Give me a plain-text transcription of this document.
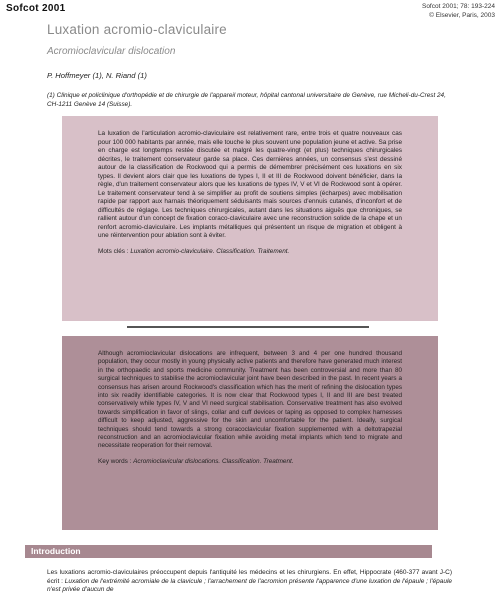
Sofcot 2001	Sofcot 2001; 78: 193-224
© Elsevier, Paris, 2003
Luxation acromio-claviculaire
Acromioclavicular dislocation
P. Hoffmeyer (1), N. Riand (1)
(1) Clinique et policlinique d'orthopédie et de chirurgie de l'appareil moteur, hôpital cantonal universitaire de Genève, rue Micheli-du-Crest 24, CH-1211 Genève 14 (Suisse).
La luxation de l'articulation acromio-claviculaire est relativement rare, entre trois et quatre nouveaux cas pour 100 000 habitants par année, mais elle touche le plus souvent une population jeune et active. Sa prise en charge est longtemps restée discutée et malgré les quatre-vingt (et plus) techniques chirurgicales décrites, le traitement conservateur garde sa place. Ces dernières années, un consensus s'est dessiné autour de la classification de Rockwood qui a permis de démembrer précisément ces luxations en six types. Il devient alors clair que les luxations de types I, II et III de Rockwood doivent bénéficier, dans la règle, d'un traitement conservateur alors que les luxations de types IV, V et VI de Rockwood sont à opérer. Le traitement conservateur tend à se simplifier au profit de soutiens simples (écharpes) avec mobilisation rapide par rapport aux harnais théoriquement séduisants mais sources d'ennuis cutanés, d'inconfort et de difficultés de réglage. Les techniques chirurgicales, autant dans les situations aiguës que chroniques, se rallient autour d'un concept de fixation coraco-claviculaire avec une reconstruction solide de la chape et un renfort acromio-claviculaire. Les implants métalliques qui présentent un risque de migration et obligent à une réintervention pour ablation sont à éviter.
Mots clés : Luxation acromio-claviculaire. Classification. Traitement.
Although acromioclavicular dislocations are infrequent, between 3 and 4 per one hundred thousand population, they occur mostly in young physically active patients and therefore have generated much interest in the orthopaedic and sports medicine community. Treatment has been controversial and more than 80 surgical techniques to stabilise the acromioclavicular joint have been described in the past. In recent years a consensus has arisen around Rockwood's classification which has the merit of refining the dislocation types into six readily identifiable categories. It is now clear that Rockwood types I, II and III are best treated conservatively while types IV, V and VI need surgical stabilisation. Conservative treatment has also evolved towards simplification in favor of slings, collar and cuff devices or taping as opposed to complex harnesses difficult to keep adjusted, aggressive for the skin and uncomfortable for the patient. Ideally, surgical techniques should tend towards a strong coracoclavicular fixation supplemented with a deltotrapezial reconstruction and an acromioclavicular fixation while avoiding metal implants which tend to migrate and necessitate reoperation for their removal.
Key words : Acromioclavicular dislocations. Classification. Treatment.
Introduction
Les luxations acromio-claviculaires préoccupent depuis l'antiquité les médecins et les chirurgiens. En effet, Hippocrate (460-377 avant J-C) écrit : Luxation de l'extrémité acromiale de la clavicule ; l'arrachement de l'acromion présente l'apparence d'une luxation de l'épaule ; l'épaule n'est privée d'aucun de
